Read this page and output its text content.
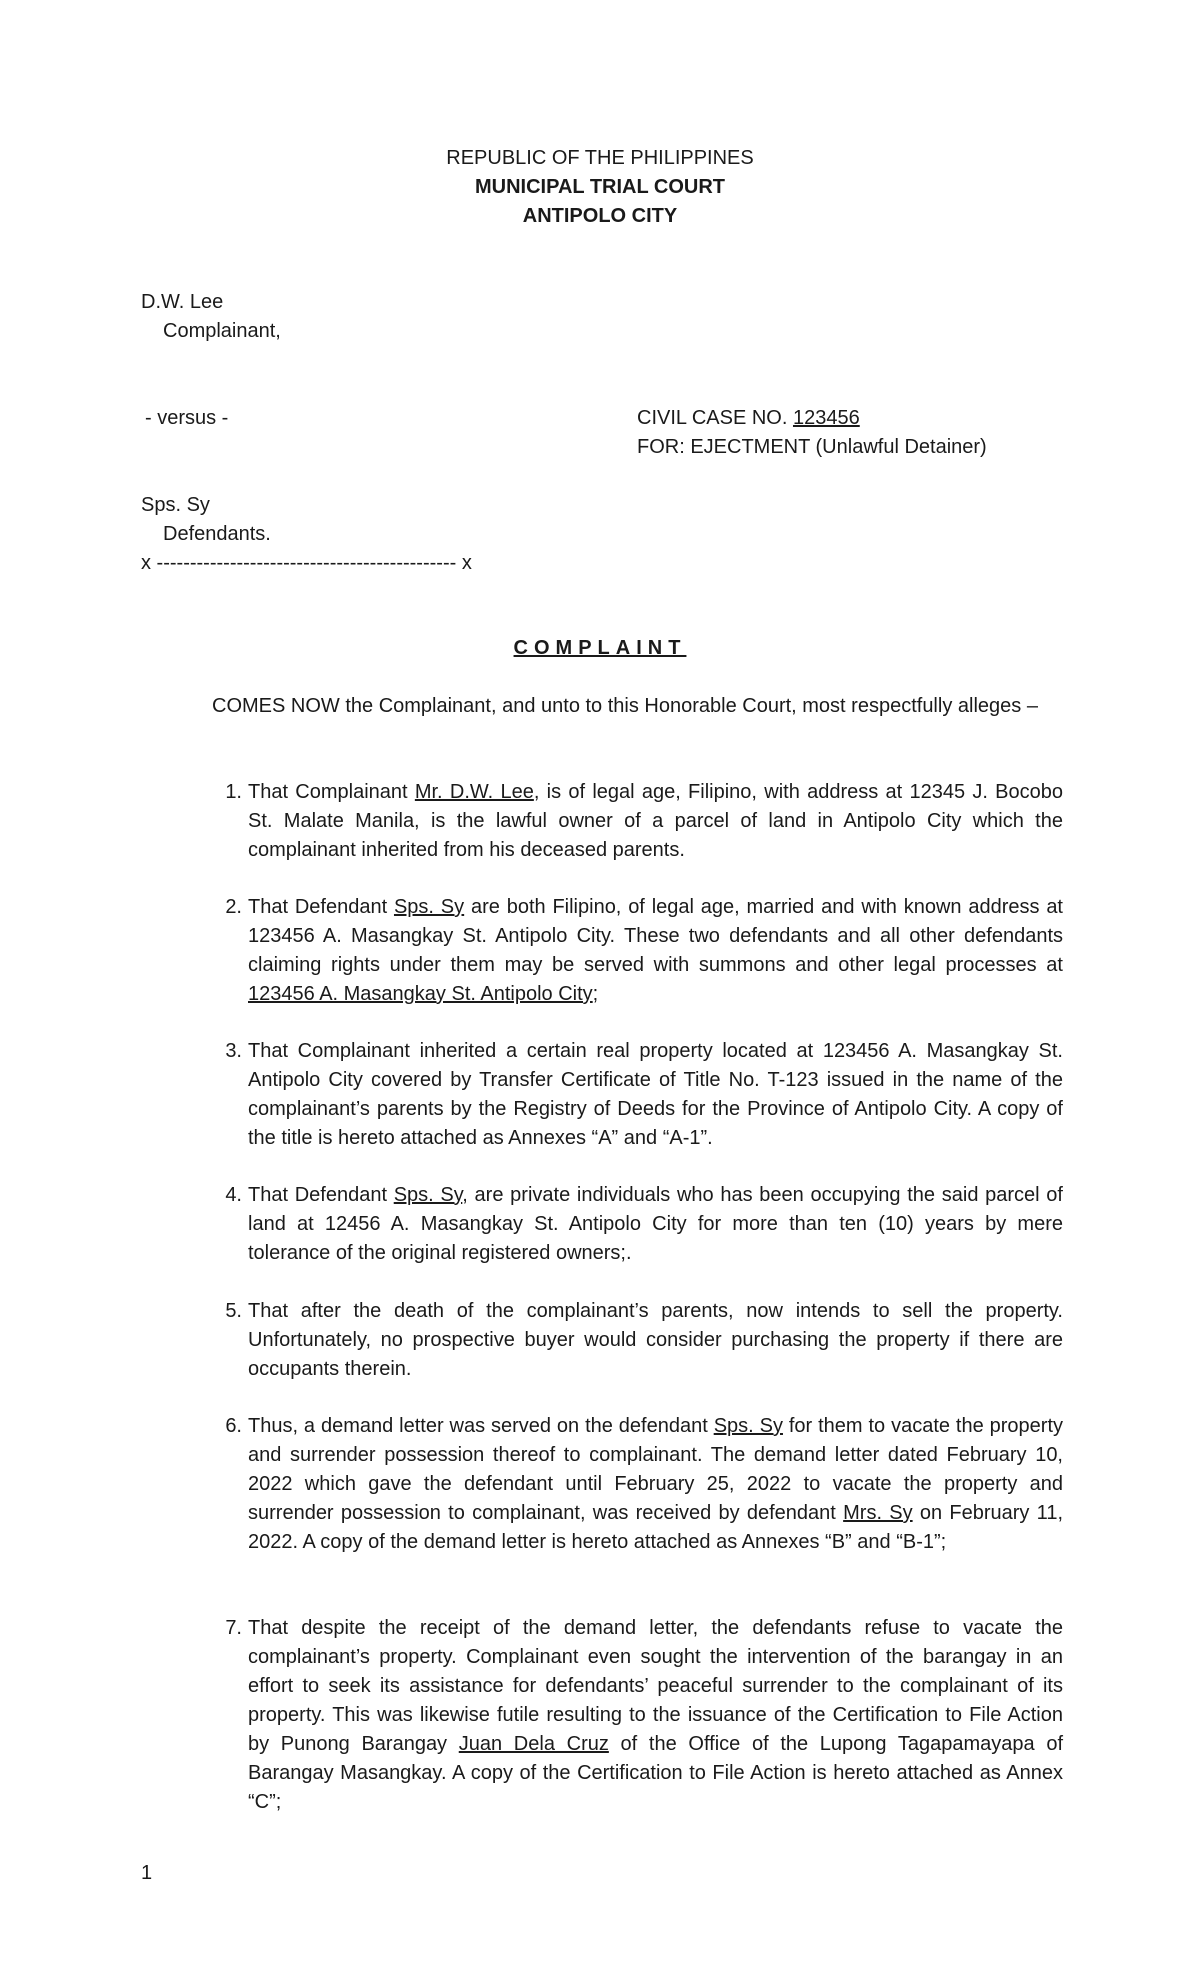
REPUBLIC OF THE PHILIPPINES
MUNICIPAL TRIAL COURT
ANTIPOLO CITY
D.W. Lee
Complainant,
- versus -	CIVIL CASE NO. 123456
FOR: EJECTMENT (Unlawful Detainer)
Sps. Sy
Defendants.
x --------------------------------------------- x
COMPLAINT
COMES NOW the Complainant, and unto to this Honorable Court, most respectfully alleges –
1. That Complainant Mr. D.W. Lee, is of legal age, Filipino, with address at 12345 J. Bocobo St. Malate Manila, is the lawful owner of a parcel of land in Antipolo City which the complainant inherited from his deceased parents.
2. That Defendant Sps. Sy are both Filipino, of legal age, married and with known address at 123456 A. Masangkay St. Antipolo City. These two defendants and all other defendants claiming rights under them may be served with summons and other legal processes at 123456 A. Masangkay St. Antipolo City;
3. That Complainant inherited a certain real property located at 123456 A. Masangkay St. Antipolo City covered by Transfer Certificate of Title No. T-123 issued in the name of the complainant’s parents by the Registry of Deeds for the Province of Antipolo City. A copy of the title is hereto attached as Annexes “A” and “A-1”.
4. That Defendant Sps. Sy, are private individuals who has been occupying the said parcel of land at 12456 A. Masangkay St. Antipolo City for more than ten (10) years by mere tolerance of the original registered owners;.
5. That after the death of the complainant’s parents, now intends to sell the property. Unfortunately, no prospective buyer would consider purchasing the property if there are occupants therein.
6. Thus, a demand letter was served on the defendant Sps. Sy for them to vacate the property and surrender possession thereof to complainant. The demand letter dated February 10, 2022 which gave the defendant until February 25, 2022 to vacate the property and surrender possession to complainant, was received by defendant Mrs. Sy on February 11, 2022. A copy of the demand letter is hereto attached as Annexes “B” and “B-1”;
7. That despite the receipt of the demand letter, the defendants refuse to vacate the complainant’s property. Complainant even sought the intervention of the barangay in an effort to seek its assistance for defendants’ peaceful surrender to the complainant of its property. This was likewise futile resulting to the issuance of the Certification to File Action by Punong Barangay Juan Dela Cruz of the Office of the Lupong Tagapamayapa of Barangay Masangkay. A copy of the Certification to File Action is hereto attached as Annex “C”;
1
